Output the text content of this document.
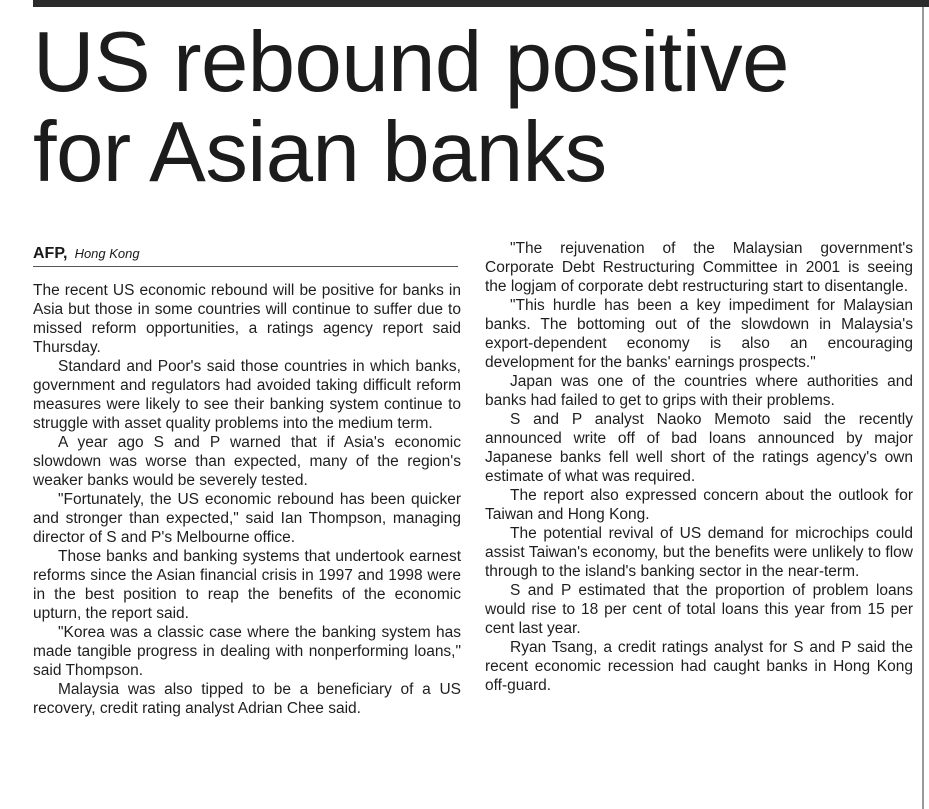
US rebound positive
for Asian banks
AFP, Hong Kong

The recent US economic rebound will be positive for banks in Asia but those in some countries will continue to suffer due to missed reform opportunities, a ratings agency report said Thursday.

Standard and Poor's said those countries in which banks, government and regulators had avoided taking difficult reform measures were likely to see their banking system continue to struggle with asset quality problems into the medium term.

A year ago S and P warned that if Asia's economic slowdown was worse than expected, many of the region's weaker banks would be severely tested.

"Fortunately, the US economic rebound has been quicker and stronger than expected," said Ian Thompson, managing director of S and P's Melbourne office.

Those banks and banking systems that undertook earnest reforms since the Asian financial crisis in 1997 and 1998 were in the best position to reap the benefits of the economic upturn, the report said.

"Korea was a classic case where the banking system has made tangible progress in dealing with nonperforming loans," said Thompson.

Malaysia was also tipped to be a beneficiary of a US recovery, credit rating analyst Adrian Chee said.

"The rejuvenation of the Malaysian government's Corporate Debt Restructuring Committee in 2001 is seeing the logjam of corporate debt restructuring start to disentangle.

"This hurdle has been a key impediment for Malaysian banks. The bottoming out of the slowdown in Malaysia's export-dependent economy is also an encouraging development for the banks' earnings prospects."

Japan was one of the countries where authorities and banks had failed to get to grips with their problems.

S and P analyst Naoko Memoto said the recently announced write off of bad loans announced by major Japanese banks fell well short of the ratings agency's own estimate of what was required.

The report also expressed concern about the outlook for Taiwan and Hong Kong.

The potential revival of US demand for microchips could assist Taiwan's economy, but the benefits were unlikely to flow through to the island's banking sector in the near-term.

S and P estimated that the proportion of problem loans would rise to 18 per cent of total loans this year from 15 per cent last year.

Ryan Tsang, a credit ratings analyst for S and P said the recent economic recession had caught banks in Hong Kong off-guard.
